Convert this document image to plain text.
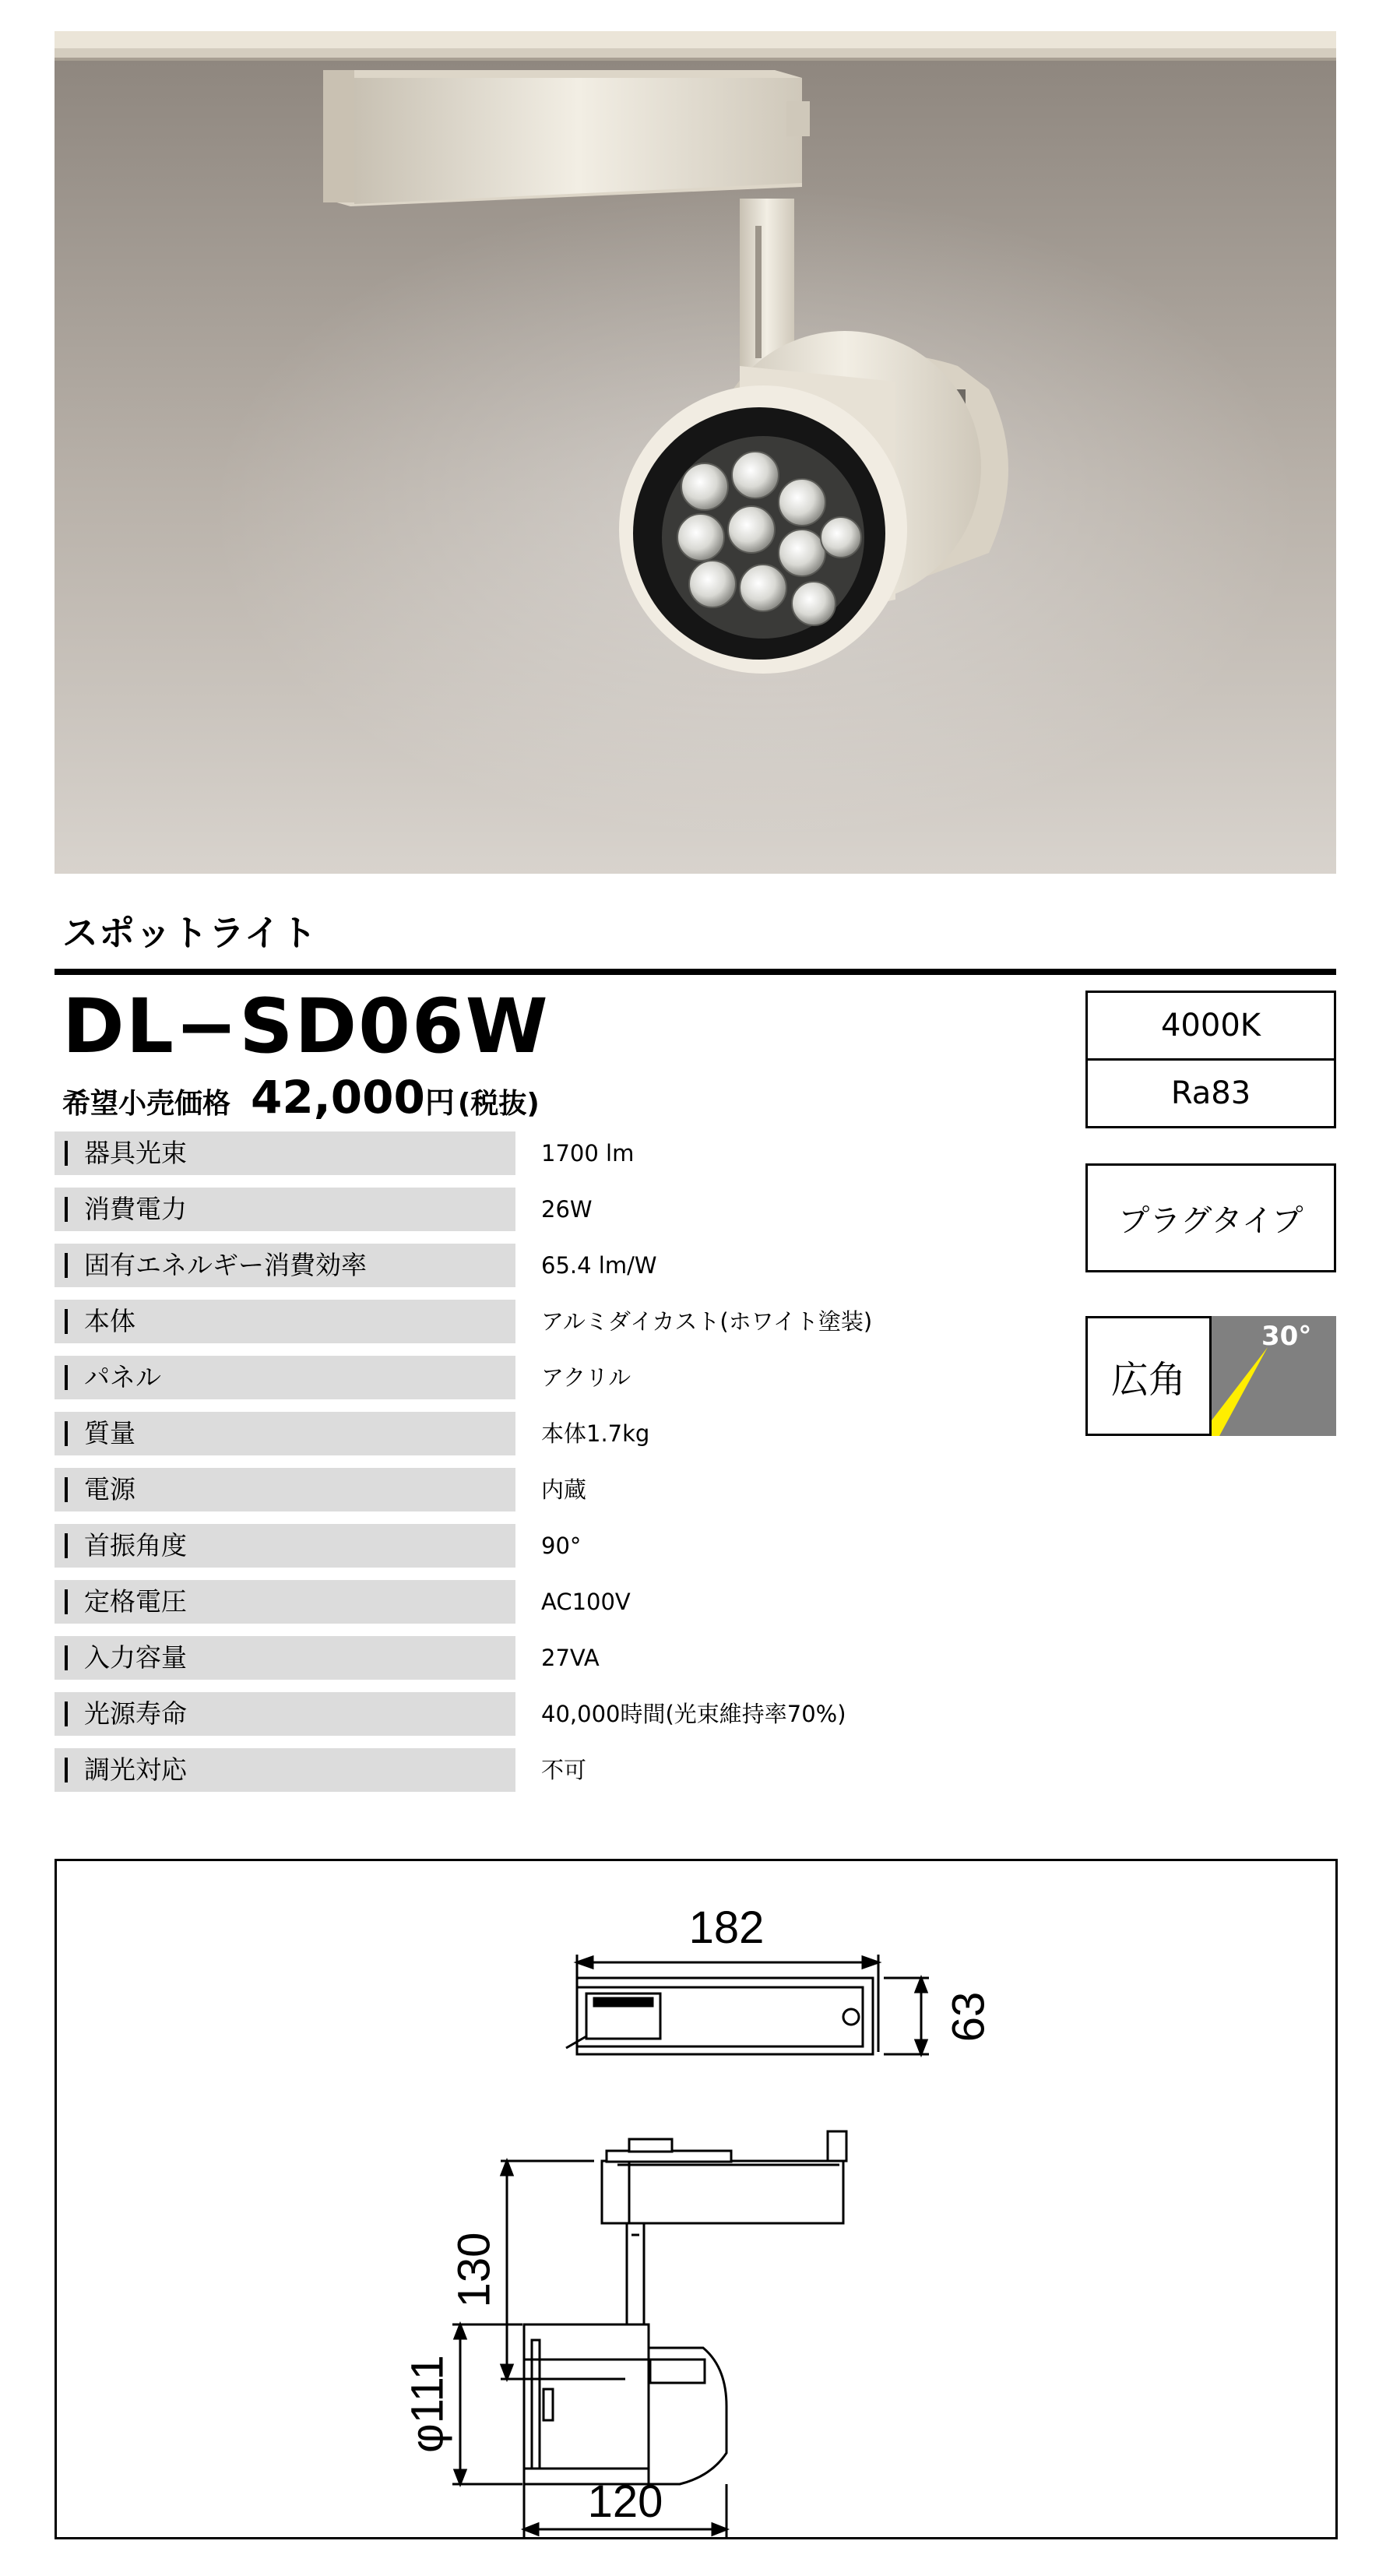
スポットライト
DL−SD06W
希望小売価格 42,000 円 (税抜)
器具光束	1700 lm
消費電力	26W
固有エネルギー消費効率	65.4 lm/W
本体	アルミダイカスト(ホワイト塗装)
パネル	アクリル
質量	本体1.7kg
電源	内蔵
首振角度	90°
定格電圧	AC100V
入力容量	27VA
光源寿命	40,000時間(光束維持率70%)
調光対応	不可
4000K
Ra83
プラグタイプ
広角
30°
182
63
130
φ111
120
